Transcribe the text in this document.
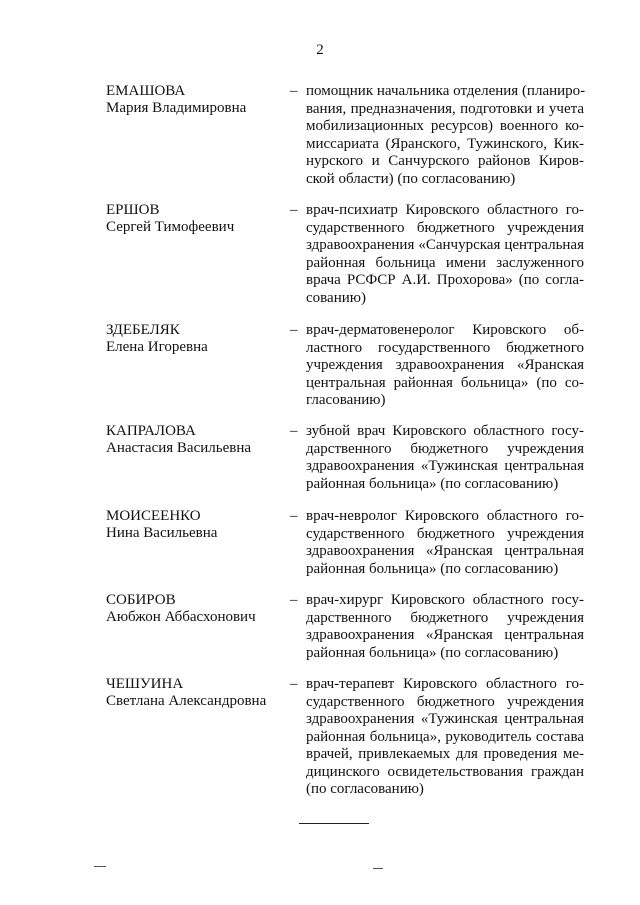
2
ЕМАШОВА
Мария Владимировна
– помощник начальника отделения (планиро-
вания, предназначения, подготовки и учета
мобилизационных ресурсов) военного ко-
миссариата (Яранского, Тужинского, Кик-
нурского и Санчурского районов Киров-
ской области) (по согласованию)
ЕРШОВ
Сергей Тимофеевич
– врач-психиатр Кировского областного го-
сударственного бюджетного учреждения
здравоохранения «Санчурская центральная
районная больница имени заслуженного
врача РСФСР А.И. Прохорова» (по согла-
сованию)
ЗДЕБЕЛЯК
Елена Игоревна
– врач-дерматовенеролог Кировского об-
ластного государственного бюджетного
учреждения здравоохранения «Яранская
центральная районная больница» (по со-
гласованию)
КАПРАЛОВА
Анастасия Васильевна
– зубной врач Кировского областного госу-
дарственного бюджетного учреждения
здравоохранения «Тужинская центральная
районная больница» (по согласованию)
МОИСЕЕНКО
Нина Васильевна
– врач-невролог Кировского областного го-
сударственного бюджетного учреждения
здравоохранения «Яранская центральная
районная больница» (по согласованию)
СОБИРОВ
Аюбжон Аббасхонович
– врач-хирург Кировского областного госу-
дарственного бюджетного учреждения
здравоохранения «Яранская центральная
районная больница» (по согласованию)
ЧЕШУИНА
Светлана Александровна
– врач-терапевт Кировского областного го-
сударственного бюджетного учреждения
здравоохранения «Тужинская центральная
районная больница», руководитель состава
врачей, привлекаемых для проведения ме-
дицинского освидетельствования граждан
(по согласованию)
